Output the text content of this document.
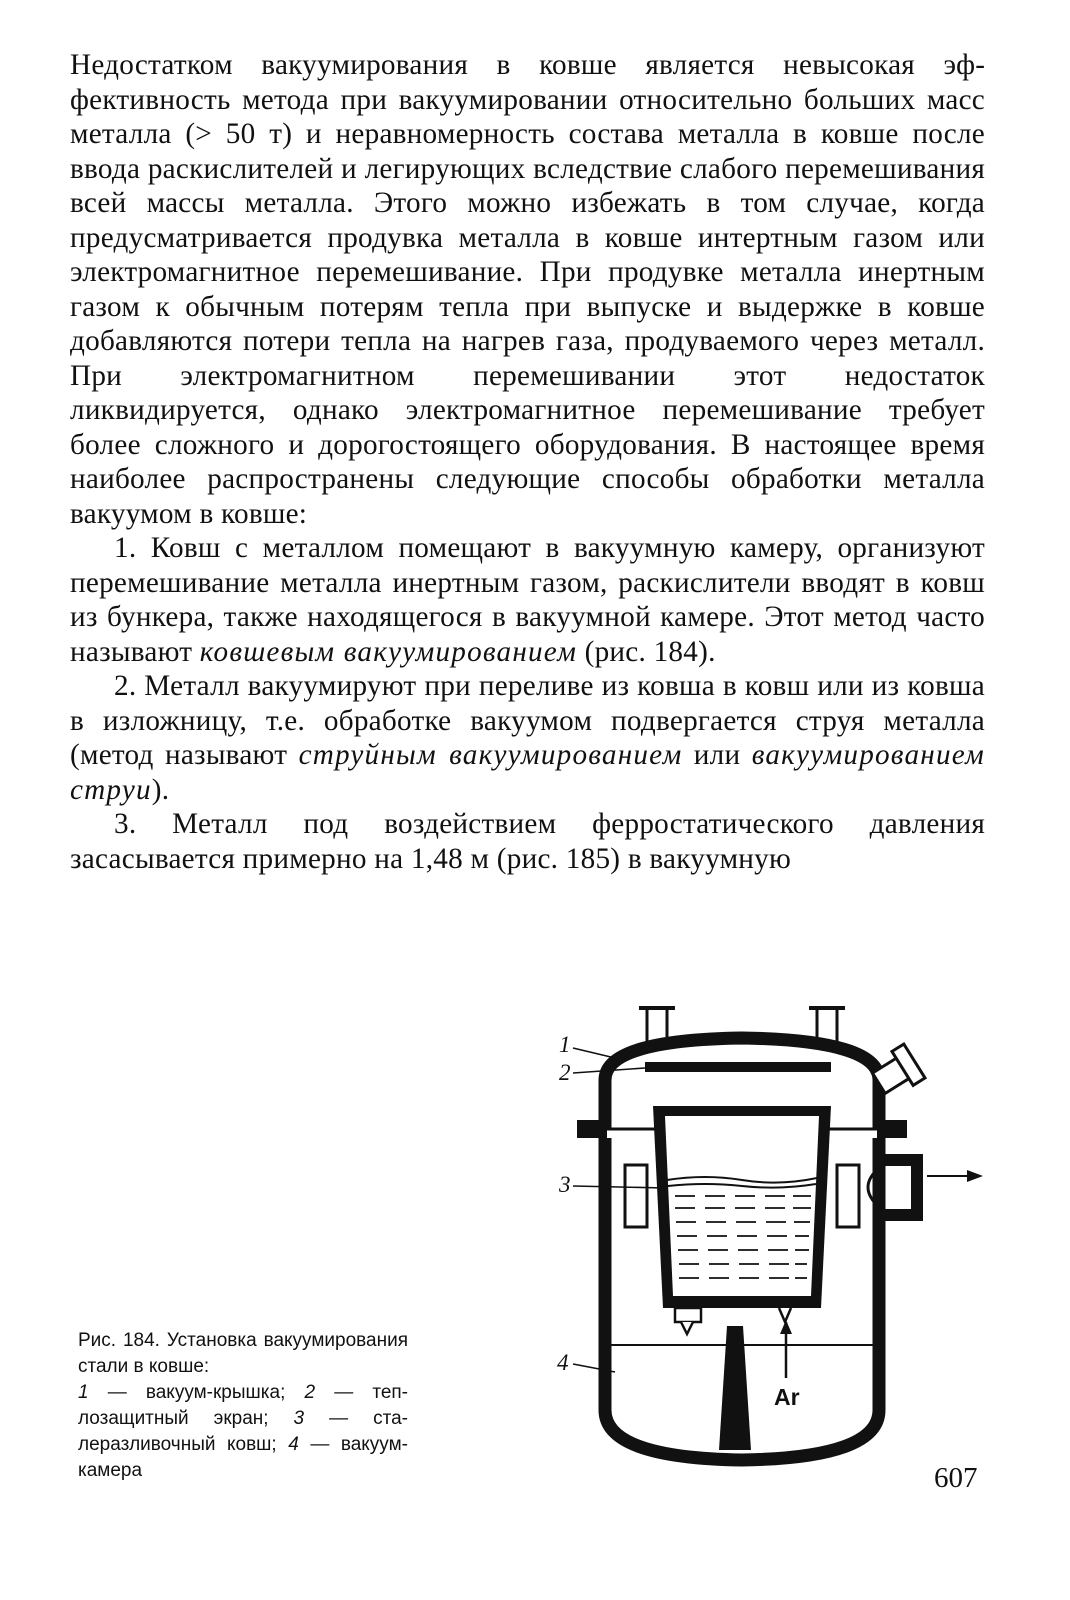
Недостатком вакуумирования в ковше является невысокая эффективность метода при вакуумировании относительно больших масс металла (> 50 т) и неравномерность состава металла в ковше после ввода раскислителей и легирующих вследствие слабого перемешивания всей массы металла. Этого можно избежать в том случае, когда предусматривается продувка металла в ковше интертным газом или электромагнитное перемешивание. При продувке металла инертным газом к обычным потерям тепла при выпуске и выдержке в ковше добавляются потери тепла на нагрев газа, продуваемого через металл. При электромагнитном перемешивании этот недостаток ликвидируется, однако электромагнитное перемешивание требует более сложного и дорогостоящего оборудования. В настоящее время наиболее распространены следующие способы обработки металла вакуумом в ковше:

1. Ковш с металлом помещают в вакуумную камеру, организуют перемешивание металла инертным газом, раскислители вводят в ковш из бункера, также находящегося в вакуумной камере. Этот метод часто называют ковшевым вакуумированием (рис. 184).

2. Металл вакуумируют при переливе из ковша в ковш или из ковша в изложницу, т.е. обработке вакуумом подвергается струя металла (метод называют струйным вакуумированием или вакуумированием струи).

3. Металл под воздействием ферростатического давления засасывается примерно на 1,48 м (рис. 185) в вакуумную

Ar
1
2
3
4

Рис. 184. Установка вакуумирования стали в ковше:

1 — вакуум-крышка; 2 — теплозащитный экран; 3 — сталеразливочный ковш; 4 — вакуум-камера	607
